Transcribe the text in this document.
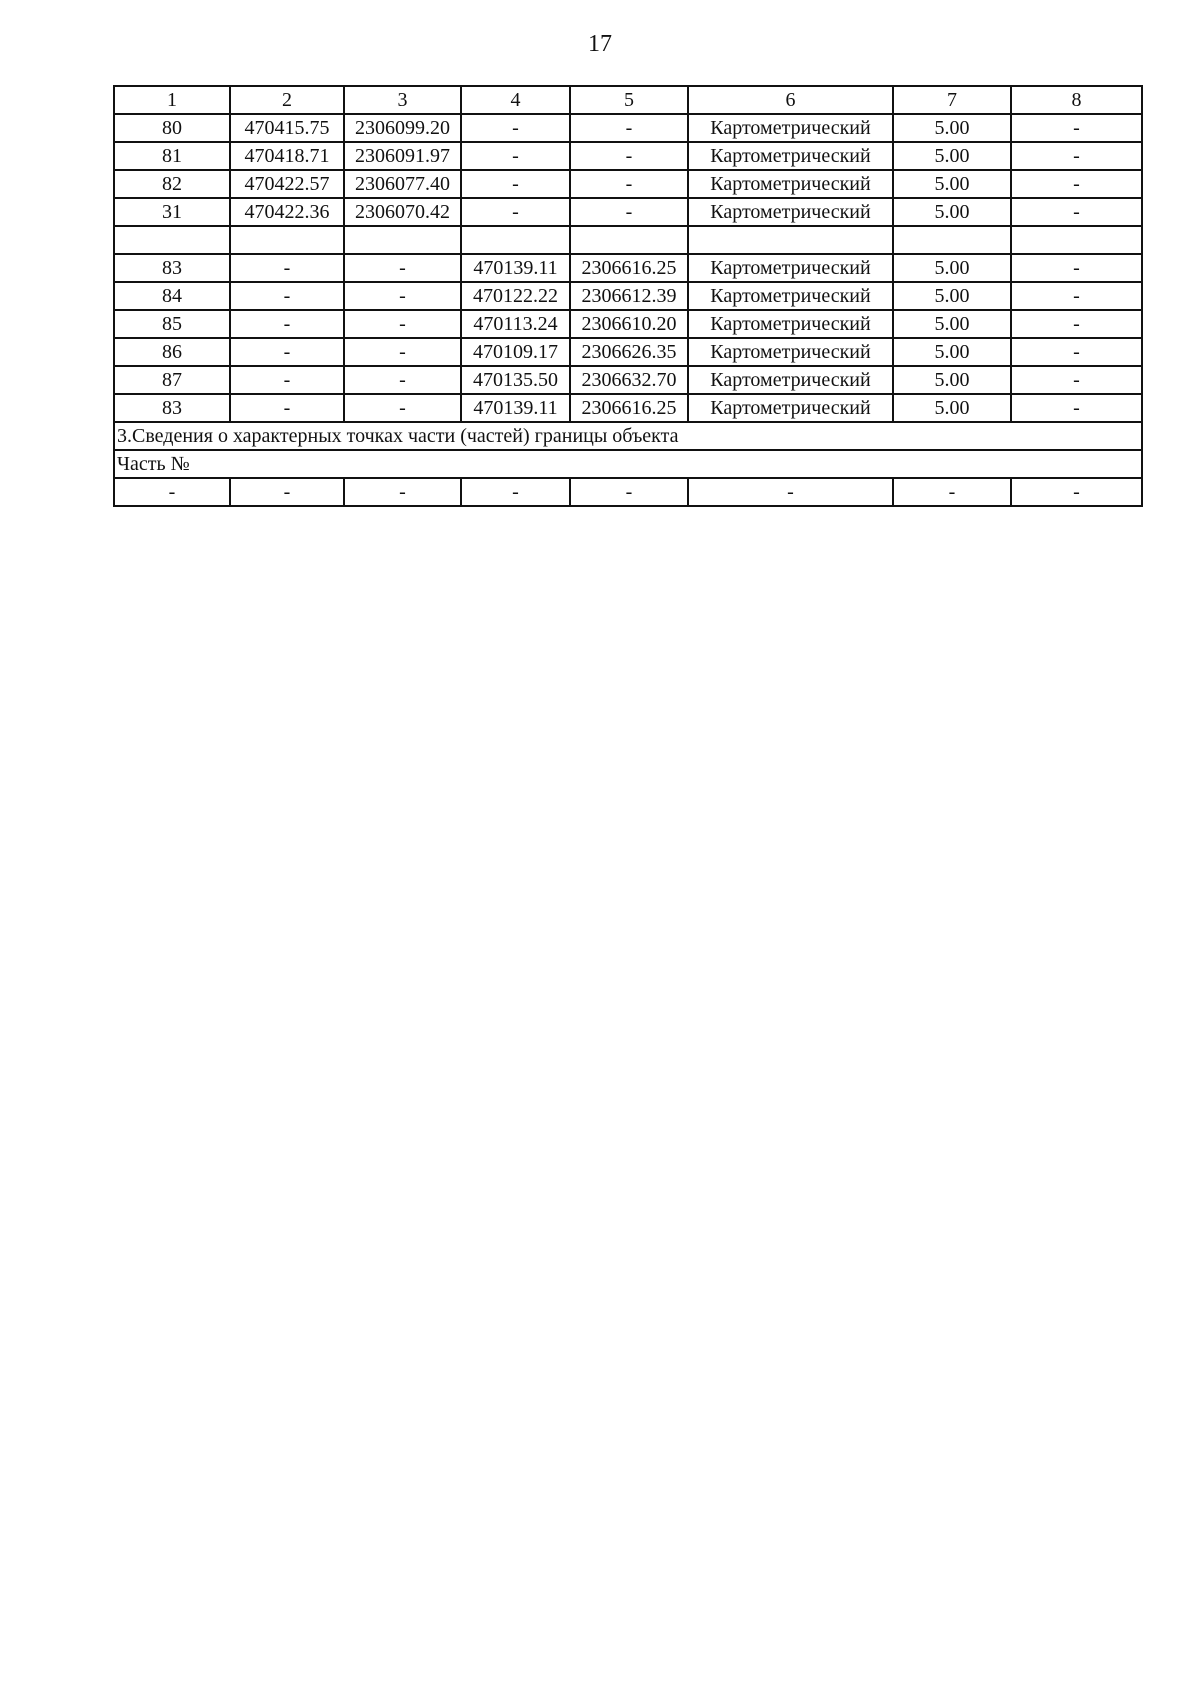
17
1	2	3	4	5	6	7	8
80	470415.75	2306099.20	-	-	Картометрический	5.00	-
81	470418.71	2306091.97	-	-	Картометрический	5.00	-
82	470422.57	2306077.40	-	-	Картометрический	5.00	-
31	470422.36	2306070.42	-	-	Картометрический	5.00	-

83	-	-	470139.11	2306616.25	Картометрический	5.00	-
84	-	-	470122.22	2306612.39	Картометрический	5.00	-
85	-	-	470113.24	2306610.20	Картометрический	5.00	-
86	-	-	470109.17	2306626.35	Картометрический	5.00	-
87	-	-	470135.50	2306632.70	Картометрический	5.00	-
83	-	-	470139.11	2306616.25	Картометрический	5.00	-
3.Сведения о характерных точках части (частей) границы объекта							
Часть №							
-	-	-	-	-	-	-	-
